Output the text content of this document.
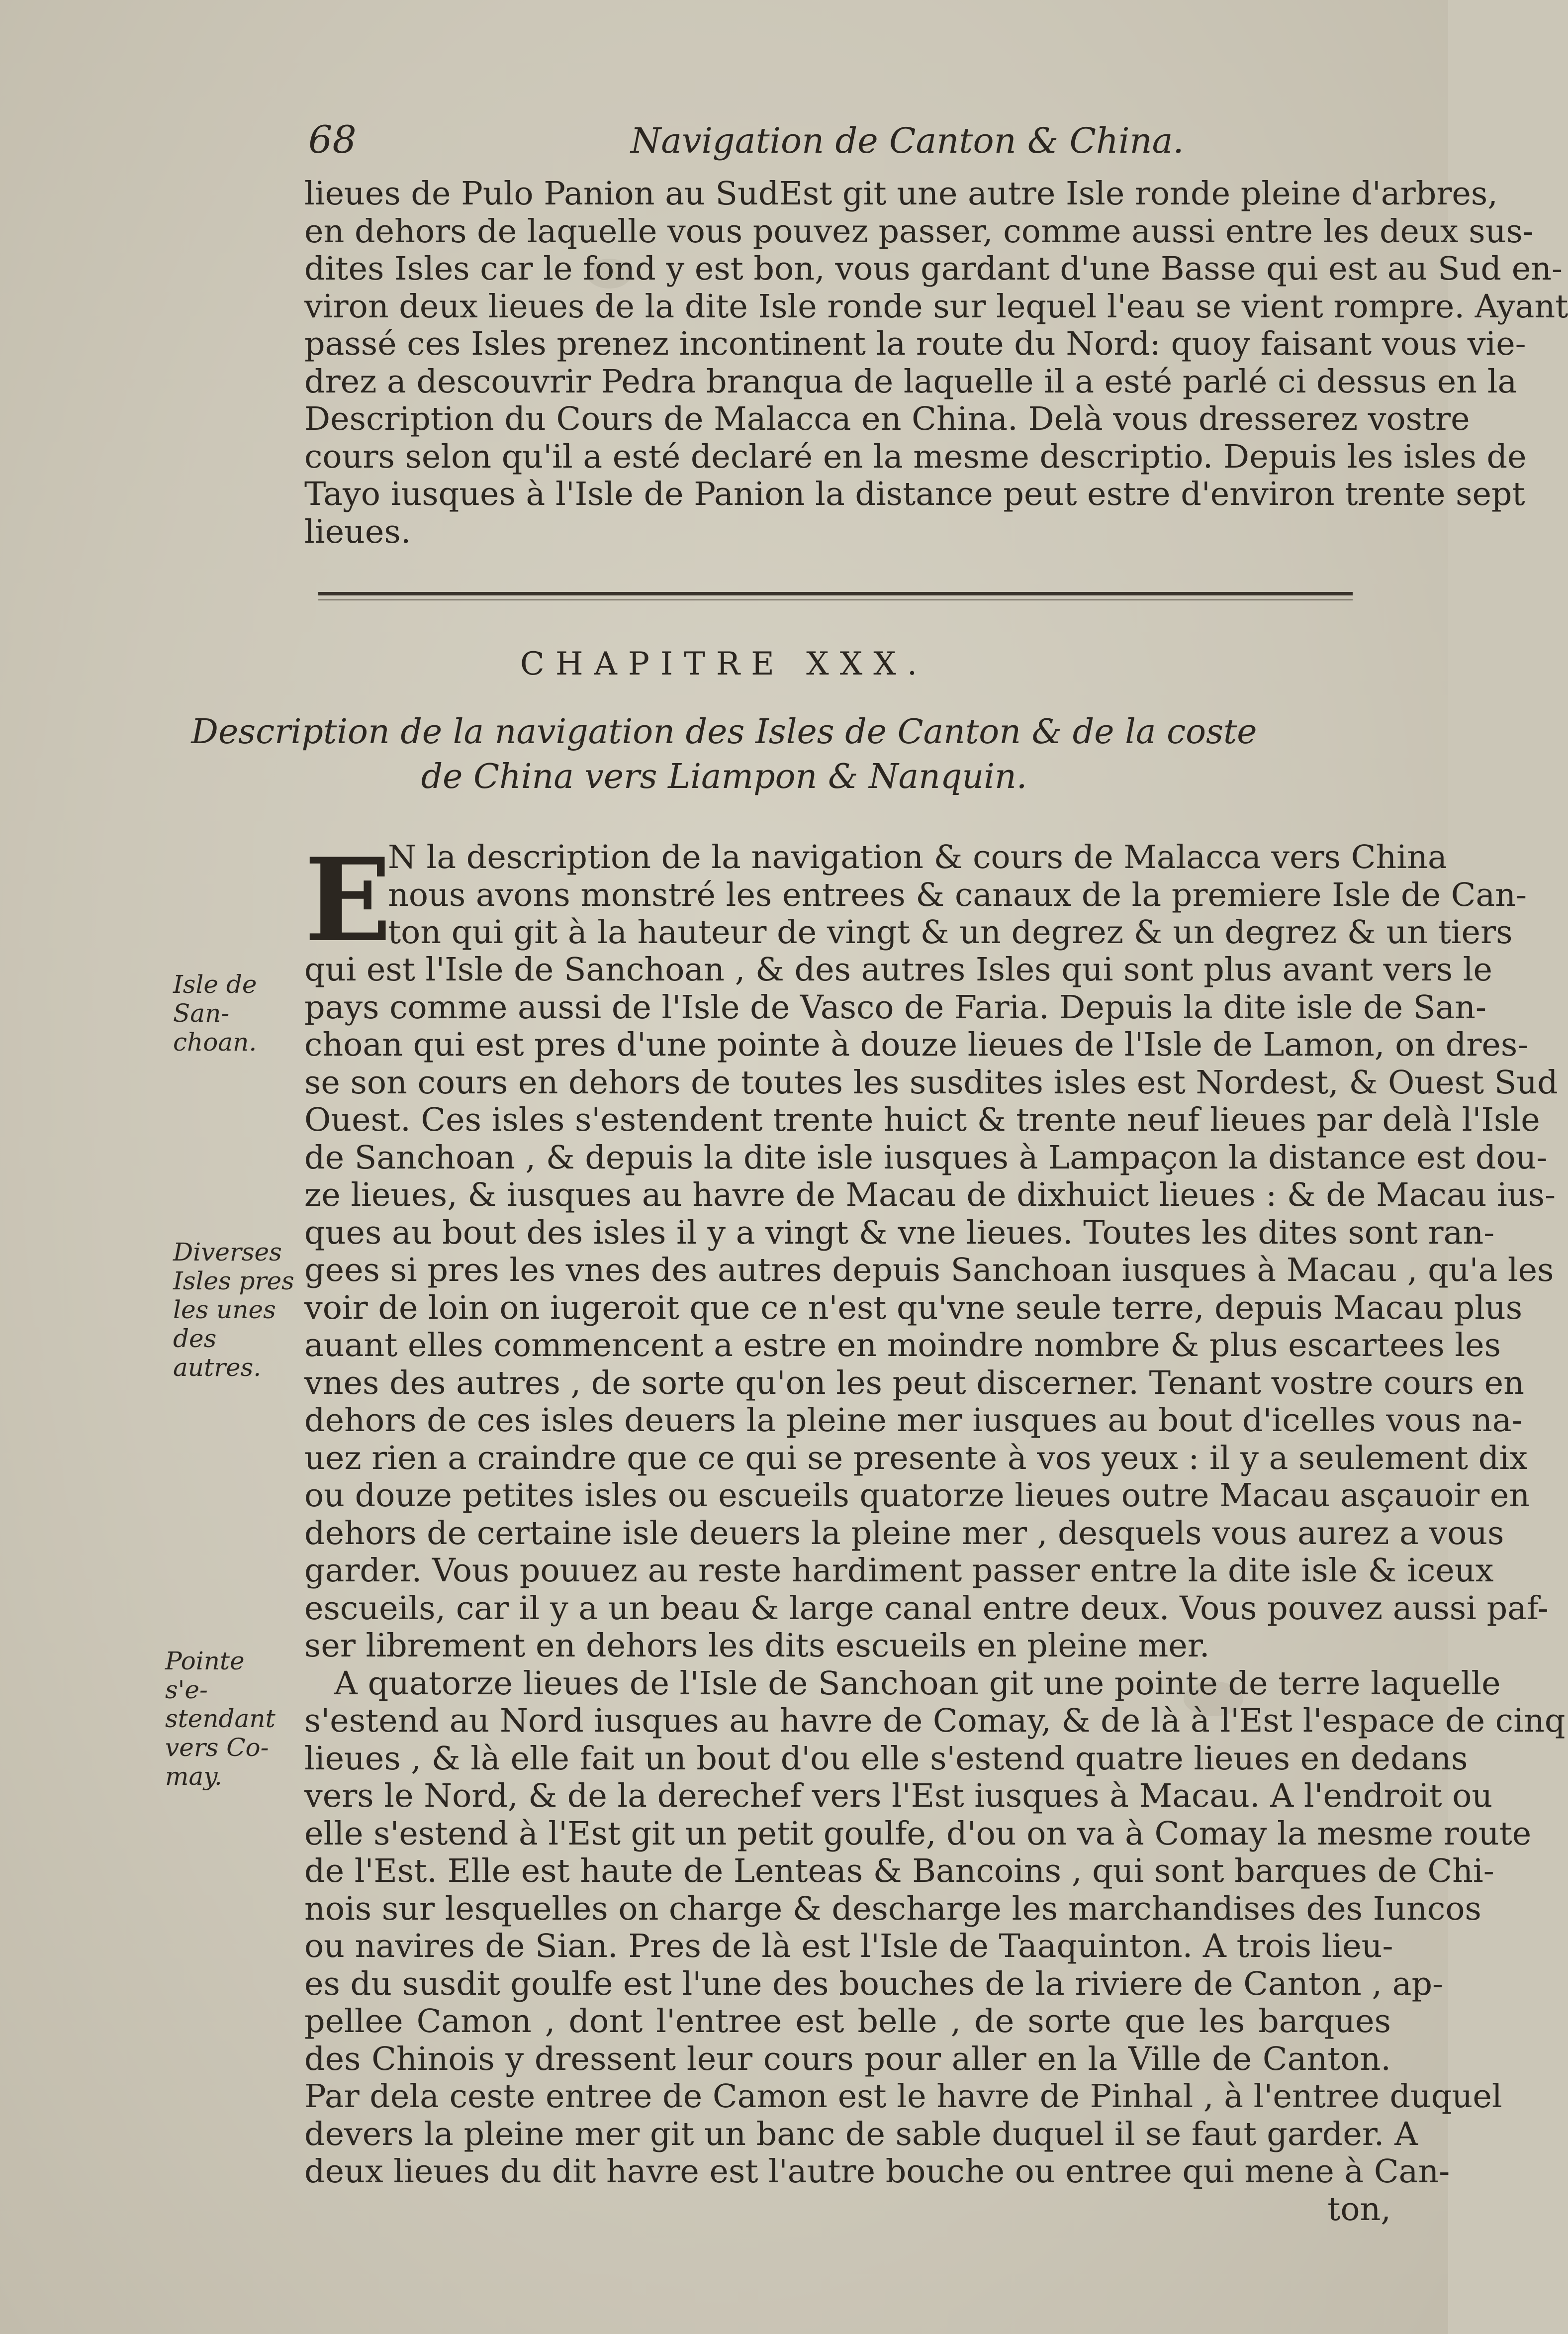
68	Navigation de Canton & China.
lieues de Pulo Panion au SudEst git une autre Isle ronde pleine d'arbres,
en dehors de laquelle vous pouvez passer, comme aussi entre les deux sus-
dites Isles car le fond y est bon, vous gardant d'une Basse qui est au Sud en-
viron deux lieues de la dite Isle ronde sur lequel l'eau se vient rompre. Ayant
passé ces Isles prenez incontinent la route du Nord: quoy faisant vous vie-
drez a descouvrir Pedra branqua de laquelle il a esté parlé ci dessus en la
Description du Cours de Malacca en China. Delà vous dresserez vostre
cours selon qu'il a esté declaré en la mesme descriptio. Depuis les isles de
Tayo iusques à l'Isle de Panion la distance peut estre d'environ trente sept
lieues.
CHAPITRE XXX.
Description de la navigation des Isles de Canton & de la coste
de China vers Liampon & Nanquin.
E
N la description de la navigation & cours de Malacca vers China
nous avons monstré les entrees & canaux de la premiere Isle de Can-
ton qui git à la hauteur de vingt & un degrez & un degrez & un tiers
qui est l'Isle de Sanchoan , & des autres Isles qui sont plus avant vers le
pays comme aussi de l'Isle de Vasco de Faria. Depuis la dite isle de San-
choan qui est pres d'une pointe à douze lieues de l'Isle de Lamon, on dres-
se son cours en dehors de toutes les susdites isles est Nordest, & Ouest Sud
Ouest. Ces isles s'estendent trente huict & trente neuf lieues par delà l'Isle
de Sanchoan , & depuis la dite isle iusques à Lampaçon la distance est dou-
ze lieues, & iusques au havre de Macau de dixhuict lieues : & de Macau ius-
ques au bout des isles il y a vingt & vne lieues. Toutes les dites sont ran-
gees si pres les vnes des autres depuis Sanchoan iusques à Macau , qu'a les
voir de loin on iugeroit que ce n'est qu'vne seule terre, depuis Macau plus
auant elles commencent a estre en moindre nombre & plus escartees les
vnes des autres , de sorte qu'on les peut discerner. Tenant vostre cours en
dehors de ces isles deuers la pleine mer iusques au bout d'icelles vous na-
uez rien a craindre que ce qui se presente à vos yeux : il y a seulement dix
ou douze petites isles ou escueils quatorze lieues outre Macau asçauoir en
dehors de certaine isle deuers la pleine mer , desquels vous aurez a vous
garder. Vous pouuez au reste hardiment passer entre la dite isle & iceux
escueils, car il y a un beau & large canal entre deux. Vous pouvez aussi paf-
ser librement en dehors les dits escueils en pleine mer.
A quatorze lieues de l'Isle de Sanchoan git une pointe de terre laquelle
s'estend au Nord iusques au havre de Comay, & de là à l'Est l'espace de cinq
lieues , & là elle fait un bout d'ou elle s'estend quatre lieues en dedans
vers le Nord, & de la derechef vers l'Est iusques à Macau. A l'endroit ou
elle s'estend à l'Est git un petit goulfe, d'ou on va à Comay la mesme route
de l'Est. Elle est haute de Lenteas & Bancoins , qui sont barques de Chi-
nois sur lesquelles on charge & descharge les marchandises des Iuncos
ou navires de Sian. Pres de là est l'Isle de Taaquinton. A trois lieu-
es du susdit goulfe est l'une des bouches de la riviere de Canton , ap-
pellee Camon , dont l'entree est belle , de sorte que les barques
des Chinois y dressent leur cours pour aller en la Ville de Canton.
Par dela ceste entree de Camon est le havre de Pinhal , à l'entree duquel
devers la pleine mer git un banc de sable duquel il se faut garder. A
deux lieues du dit havre est l'autre bouche ou entree qui mene à Can-
ton,
Isle de San- choan.
Diverses Isles pres les unes des autres.
Pointe s'e- stendant vers Co- may.
